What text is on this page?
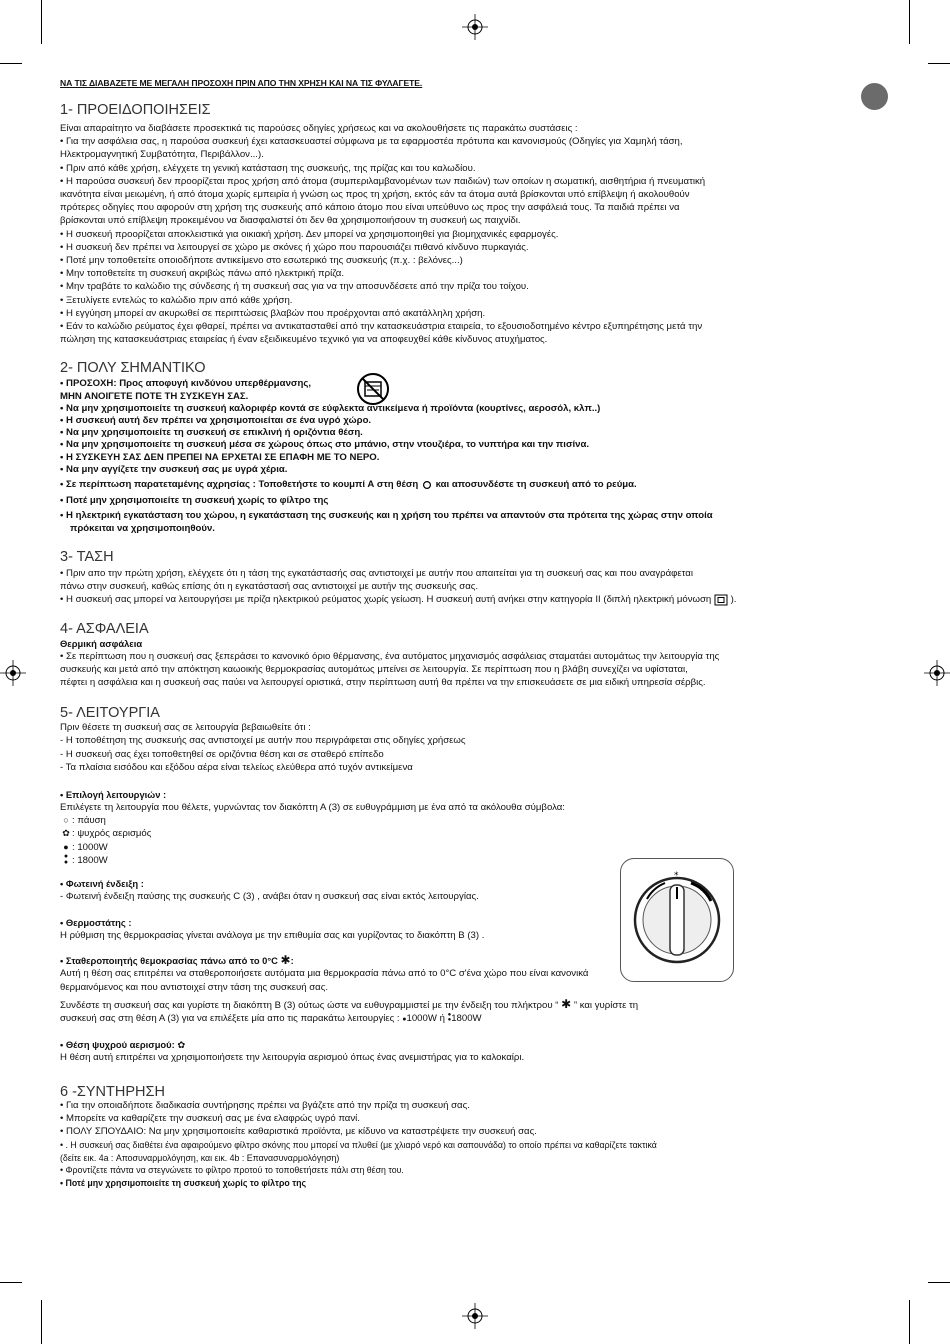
*
ΝΑ ΤΙΣ ΔΙΑΒΑΖΕΤΕ ΜΕ ΜΕΓΑΛΗ ΠΡΟΣΟΧΗ ΠΡΙΝ ΑΠΟ ΤΗΝ ΧΡΗΣΗ ΚΑΙ ΝΑ ΤΙΣ ΦΥΛΑΓΕΤΕ.
1- ΠΡΟΕΙΔΟΠΟΙΗΣΕΙΣ

Είναι απαραίτητο να διαβάσετε προσεκτικά τις παρούσες οδηγίες χρήσεως και να ακολουθήσετε τις παρακάτω συστάσεις :

• Για την ασφάλεια σας, η παρούσα συσκευή έχει κατασκευαστεί σύμφωνα με τα εφαρμοστέα πρότυπα και κανονισμούς (Οδηγίες για Χαμηλή τάση,

Ηλεκτρομαγνητική Συμβατότητα, Περιβάλλον...).

• Πριν από κάθε χρήση, ελέγχετε τη γενική κατάσταση της συσκευής, της πρίζας και του καλωδίου.

• Η παρούσα συσκευή δεν προορίζεται προς χρήση από άτομα (συμπεριλαμβανομένων των παιδιών) των οποίων η σωματική, αισθητήρια ή πνευματική

ικανότητα είναι μειωμένη, ή από άτομα χωρίς εμπειρία ή γνώση ως προς τη χρήση, εκτός εάν τα άτομα αυτά βρίσκονται υπό επίβλεψη ή ακολουθούν

πρότερες οδηγίες που αφορούν στη χρήση της συσκευής από κάποιο άτομο που είναι υπεύθυνο ως προς την ασφάλειά τους. Τα παιδιά πρέπει να

βρίσκονται υπό επίβλεψη προκειμένου να διασφαλιστεί ότι δεν θα χρησιμοποιήσουν τη συσκευή ως παιχνίδι.

• Η συσκευή προορίζεται αποκλειστικά για οικιακή χρήση. Δεν μπορεί να χρησιμοποιηθεί για βιομηχανικές εφαρμογές.

• Η συσκευή δεν πρέπει να λειτουργεί σε χώρο με σκόνες ή χώρο που παρουσιάζει πιθανό κίνδυνο πυρκαγιάς.

• Ποτέ μην τοποθετείτε οποιοδήποτε αντικείμενο στο εσωτερικό της συσκευής (π.χ. : βελόνες...)

• Μην τοποθετείτε τη συσκευή ακριβώς πάνω από ηλεκτρική πρίζα.

• Μην τραβάτε το καλώδιο της σύνδεσης ή τη συσκευή σας για να την αποσυνδέσετε από την πρίζα του τοίχου.

• Ξετυλίγετε εντελώς το καλώδιο πριν από κάθε χρήση.

• Η εγγύηση μπορεί αν ακυρωθεί σε περιπτώσεις βλαβών που προέρχονται από ακατάλληλη χρήση.

• Εάν το καλώδιο ρεύματος έχει φθαρεί, πρέπει να αντικατασταθεί από την κατασκευάστρια εταιρεία, το εξουσιοδοτημένο κέντρο εξυπηρέτησης μετά την

πώληση της κατασκευάστριας εταιρείας ή έναν εξειδικευμένο τεχνικό για να αποφευχθεί κάθε κίνδυνος ατυχήματος.

2- ΠΟΛΥ ΣΗΜΑΝΤΙΚΟ

• ΠΡΟΣΟΧΗ: Προς αποφυγή κινδύνου υπερθέρμανσης,

ΜΗΝ ΑΝΟΙΓΕΤΕ ΠΟΤΕ ΤΗ ΣΥΣΚΕΥΗ ΣΑΣ.

• Να μην χρησιμοποιείτε τη συσκευή καλοριφέρ κοντά σε εύφλεκτα αντικείμενα ή προϊόντα (κουρτίνες, αεροσόλ, κλπ..)

• Η συσκευή αυτή δεν πρέπει να χρησιμοποιείται σε ένα υγρό χώρο.

• Να μην χρησιμοποιείτε τη συσκευή σε επικλινή ή οριζόντια θέση.

• Να μην χρησιμοποιείτε τη συσκευή μέσα σε χώρους όπως στο μπάνιο, στην ντουζιέρα, το νυπτήρα και την πισίνα.

• Η ΣΥΣΚΕΥΗ ΣΑΣ ΔΕΝ ΠΡΕΠΕΙ ΝΑ ΕΡΧΕΤΑΙ ΣΕ ΕΠΑΦΗ ΜΕ ΤΟ ΝΕΡΟ.

• Να μην αγγίζετε την συσκευή σας με υγρά χέρια.

• Σε περίπτωση παρατεταμένης αχρησίας : Τοποθετήστε το κουμπί Α στη θέση και αποσυνδέστε τη συσκευή από το ρεύμα.

• Ποτέ μην χρησιμοποιείτε τη συσκευή χωρίς το φίλτρο της

• Η ηλεκτρική εγκατάσταση του χώρου, η εγκατάσταση της συσκευής και η χρήση του πρέπει να απαντούν στα πρότειτα της χώρας στην οποία

πρόκειται να χρησιμοποιηθούν.

3- ΤΑΣΗ

• Πριν απο την πρώτη χρήση, ελέγχετε ότι η τάση της εγκατάστασής σας αντιστοιχεί με αυτήν που απαιτείται για τη συσκευή σας και που αναγράφεται

πάνω στην συσκευή, καθώς επίσης ότι η εγκατάστασή σας αντιστοιχεί με αυτήν της συσκευής σας.

• Η συσκευή σας μπορεί να λειτουργήσει με πρίζα ηλεκτρικού ρεύματος χωρίς γείωση. Η συσκευή αυτή ανήκει στην κατηγορία ΙΙ (διπλή ηλεκτρική μόνωση ).

4- ΑΣΦΑΛΕΙΑ

Θερμική ασφάλεια

• Σε περίπτωση που η συσκευή σας ξεπεράσει το κανονικό όριο θέρμανσης, ένα αυτόματος μηχανισμός ασφάλειας σταματάει αυτομάτως την λειτουργία της

συσκευής και μετά από την απόκτηση καωοικής θερμοκρασίας αυτομάτως μπείνει σε λειτουργία. Σε περίπτωση που η βλάβη συνεχίζει να υφίσταται,

πέφτει η ασφάλεια και η συσκευή σας παύει να λειτουργεί οριστικά, στην περίπτωση αυτή θα πρέπει να την επισκευάσετε σε μια ειδική υπηρεσία σέρβις.

5- ΛΕΙΤΟΥΡΓΙΑ

Πριν θέσετε τη συσκευή σας σε λειτουργία βεβαιωθείτε ότι :

- Η τοποθέτηση της συσκευής σας αντιστοιχεί με αυτήν που περιγράφεται στις οδηγίες χρήσεως

- Η συσκευή σας έχει τοποθετηθεί σε οριζόντια θέση και σε σταθερό επίπεδο

- Τα πλαίσια εισόδου και εξόδου αέρα είναι τελείως ελεύθερα από τυχόν αντικείμενα

• Επιλογή λειτουργιών :

Επιλέγετε τη λειτουργία που θέλετε, γυρνώντας τον διακόπτη Α (3) σε ευθυγράμμιση με ένα από τα ακόλουθα σύμβολα:

○ : πάυση

✿ : ψυχρός αερισμός

● : 1000W

●
● : 1800W

• Φωτεινή ένδειξη :

- Φωτεινή ένδειξη παύσης της συσκευής C (3) , ανάβει όταν η συσκευή σας είναι εκτός λειτουργίας.

• Θερμοστάτης :

Η ρύθμιση της θερμοκρασίας γίνεται ανάλογα με την επιθυμία σας και γυρίζοντας το διακόπτη Β (3) .

• Σταθεροποιητής θεμοκρασίας πάνω από το 0°C ✱:

Αυτή η θέση σας επιτρέπει να σταθεροποιήσετε αυτόματα μια θερμοκρασία πάνω από το 0°C σ'ένα χώρο που είναι κανονικά

θερμαινόμενος και που αντιστοιχεί στην τάση της συσκευή σας.

Συνδέστε τη συσκευή σας και γυρίστε τη διακόπτη Β (3) ούτως ώστε να ευθυγραμμιστεί με την ένδειξη του πλήκτρου “ ✱ ” και γυρίστε τη

συσκευή σας στη θέση Α (3) για να επιλέξετε μία απο τις παρακάτω λειτουργίες : ●1000W ή ●
●1800W

• Θέση ψυχρού αερισμού: ✿

Η θέση αυτή επιτρέπει να χρησιμοποιήσετε την λειτουργία αερισμού όπως ένας ανεμιστήρας για το καλοκαίρι.

6 -ΣΥΝΤΗΡΗΣΗ

• Για την οποιαδήποτε διαδικασία συντήρησης πρέπει να βγάζετε από την πρίζα τη συσκευή σας.

• Μπορείτε να καθαρίζετε την συσκευή σας με ένα ελαφρώς υγρό πανί.

• ΠΟΛΥ ΣΠΟΥΔΑΙΟ: Να μην χρησιμοποιείτε καθαριστικά προϊόντα, με κίδυνο να καταστρέψετε την συσκευή σας.

• . Η συσκευή σας διαθέτει ένα αφαιρούμενο φίλτρο σκόνης που μπορεί να πλυθεί (με χλιαρό νερό και σαπουνάδα) το οποίο πρέπει να καθαρίζετε τακτικά

(δείτε εικ. 4a : Αποσυναρμολόγηση, και εικ. 4b : Επανασυναρμολόγηση)

• Φροντίζετε πάντα να στεγνώνετε το φίλτρο προτού το τοποθετήσετε πάλι στη θέση του.

• Ποτέ μην χρησιμοποιείτε τη συσκευή χωρίς το φίλτρο της
